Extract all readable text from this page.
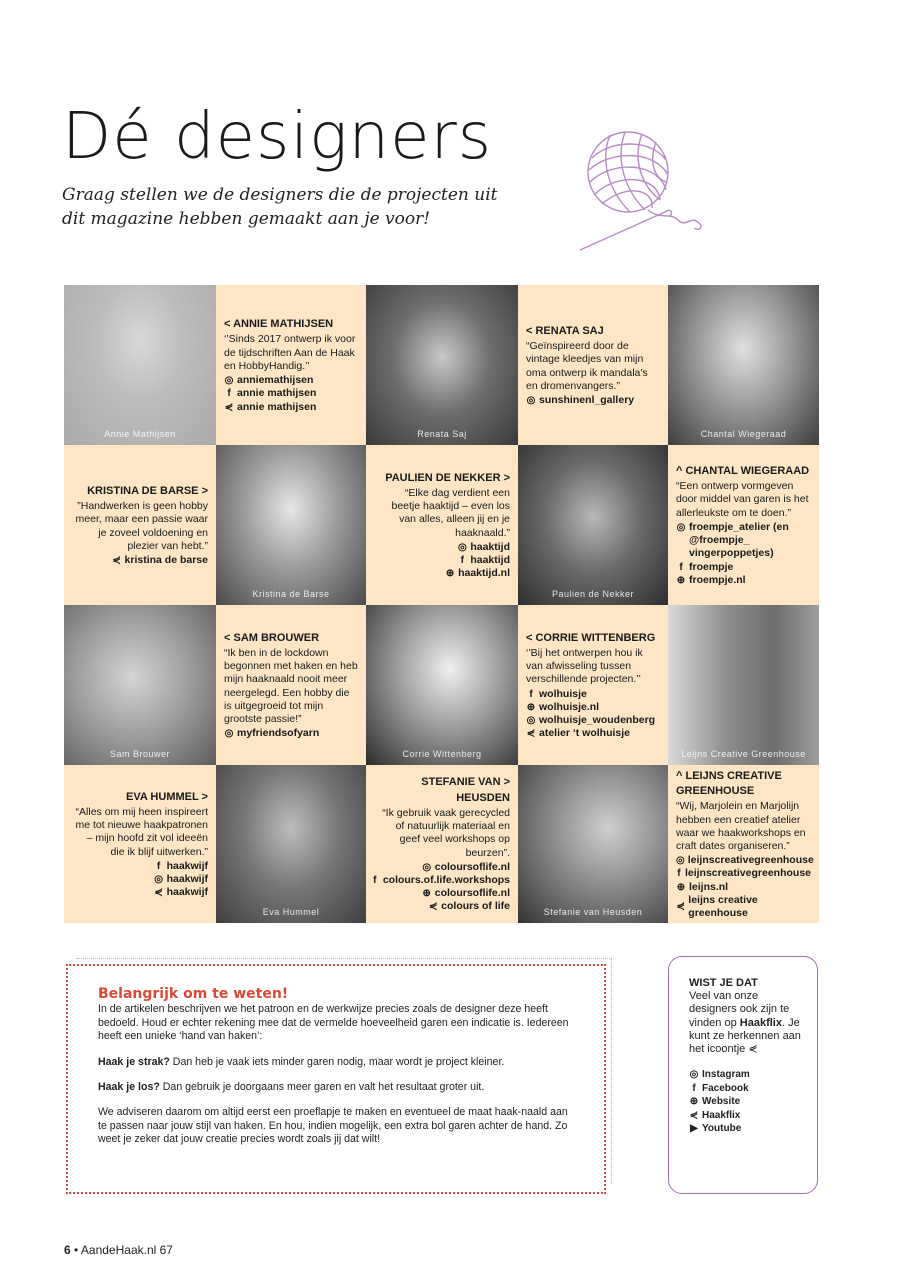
Dé designers
Graag stellen we de designers die de projecten uit dit magazine hebben gemaakt aan je voor!
Annie Mathijsen
< ANNIE MATHIJSEN
‘’Sinds 2017 ontwerp ik voor de tijdschriften Aan de Haak en HobbyHandig.’’
◎ anniemathijsen
f annie mathijsen
⋞ annie mathijsen
Renata Saj
< RENATA SAJ
“Geïnspireerd door de vintage kleedjes van mijn oma ontwerp ik mandala’s en dromenvangers.”
◎ sunshinenl_gallery
Chantal Wiegeraad
KRISTINA DE BARSE >
”Handwerken is geen hobby meer, maar een passie waar je zoveel voldoening en plezier van hebt.”
⋞ kristina de barse
Kristina de Barse
PAULIEN DE NEKKER >
“Elke dag verdient een beetje haaktijd – even los van alles, alleen jij en je haaknaald.”
◎ haaktijd
f haaktijd
⊕ haaktijd.nl
Paulien de Nekker
^ CHANTAL WIEGERAAD
“Een ontwerp vormgeven door middel van garen is het allerleukste om te doen.”
◎ froempje_atelier (en
@froempje_
vingerpoppetjes)
f froempje
⊕ froempje.nl
Sam Brouwer
< SAM BROUWER
“Ik ben in de lockdown begonnen met haken en heb mijn haaknaald nooit meer neergelegd. Een hobby die is uitgegroeid tot mijn grootste passie!”
◎ myfriendsofyarn
Corrie Wittenberg
< CORRIE WITTENBERG
‘’Bij het ontwerpen hou ik van afwisseling tussen verschillende projecten.’’
f wolhuisje
⊕ wolhuisje.nl
◎ wolhuisje_woudenberg
⋞ atelier ‘t wolhuisje
Leijns Creative Greenhouse
EVA HUMMEL >
“Alles om mij heen inspireert me tot nieuwe haakpatronen – mijn hoofd zit vol ideeën die ik blijf uitwerken.”
f haakwijf
◎ haakwijf
⋞ haakwijf
Eva Hummel
STEFANIE VAN >
HEUSDEN
“Ik gebruik vaak gerecycled of natuurlijk materiaal en geef veel workshops op beurzen”.
◎ coloursoflife.nl
f colours.of.life.workshops
⊕ coloursoflife.nl
⋞ colours of life	Stefanie van Heusden
^ LEIJNS CREATIVE
GREENHOUSE
“Wij, Marjolein en Marjolijn hebben een creatief atelier waar we haakworkshops en craft dates organiseren.”
◎ leijnscreativegreenhouse
f leijnscreativegreenhouse
⊕ leijns.nl
⋞
leijns creative greenhouse
Belangrijk om te weten!

In de artikelen beschrijven we het patroon en de werkwijze precies zoals de designer deze heeft bedoeld. Houd er echter rekening mee dat de vermelde hoeveelheid garen een indicatie is. Iedereen heeft een unieke ‘hand van haken’:

Haak je strak? Dan heb je vaak iets minder garen nodig, maar wordt je project kleiner.

Haak je los? Dan gebruik je doorgaans meer garen en valt het resultaat groter uit.

We adviseren daarom om altijd eerst een proeflapje te maken en eventueel de maat haak-naald aan te passen naar jouw stijl van haken. En hou, indien mogelijk, een extra bol garen achter de hand. Zo weet je zeker dat jouw creatie precies wordt zoals jij dat wilt!

WIST JE DAT
Veel van onze designers ook zijn te vinden op Haakflix. Je kunt ze herkennen aan het icoontje ⋞
◎ Instagram
f Facebook
⊕ Website
⋞ Haakflix
▶ Youtube
6 • AandeHaak.nl 67
